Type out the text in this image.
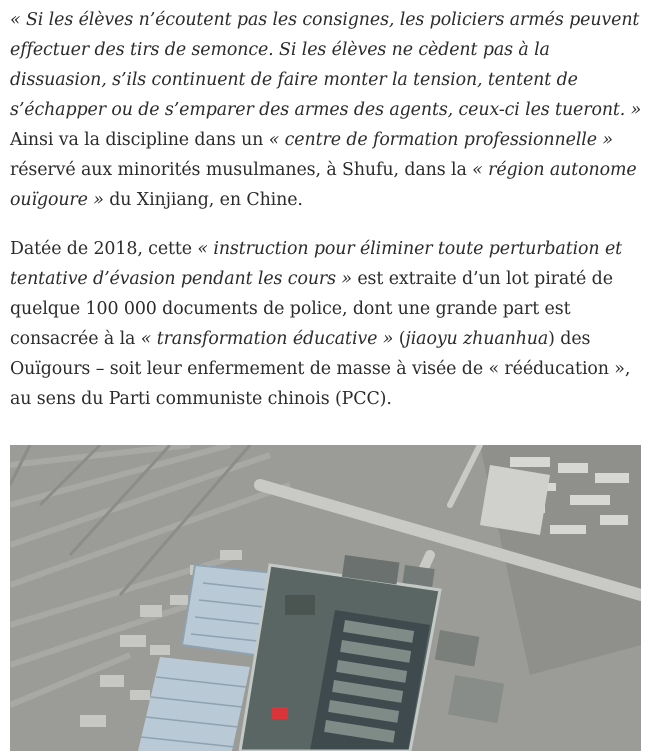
« Si les élèves n’écoutent pas les consignes, les policiers armés peuvent effectuer des tirs de semonce. Si les élèves ne cèdent pas à la dissuasion, s’ils continuent de faire monter la tension, tentent de s’échapper ou de s’emparer des armes des agents, ceux-ci les tueront. » Ainsi va la discipline dans un « centre de formation professionnelle » réservé aux minorités musulmanes, à Shufu, dans la « région autonome ouïgoure » du Xinjiang, en Chine.

Datée de 2018, cette « instruction pour éliminer toute perturbation et tentative d’évasion pendant les cours » est extraite d’un lot piraté de quelque 100 000 documents de police, dont une grande part est consacrée à la « transformation éducative » (jiaoyu zhuanhua) des Ouïgours – soit leur enfermement de masse à visée de « rééducation », au sens du Parti communiste chinois (PCC).
